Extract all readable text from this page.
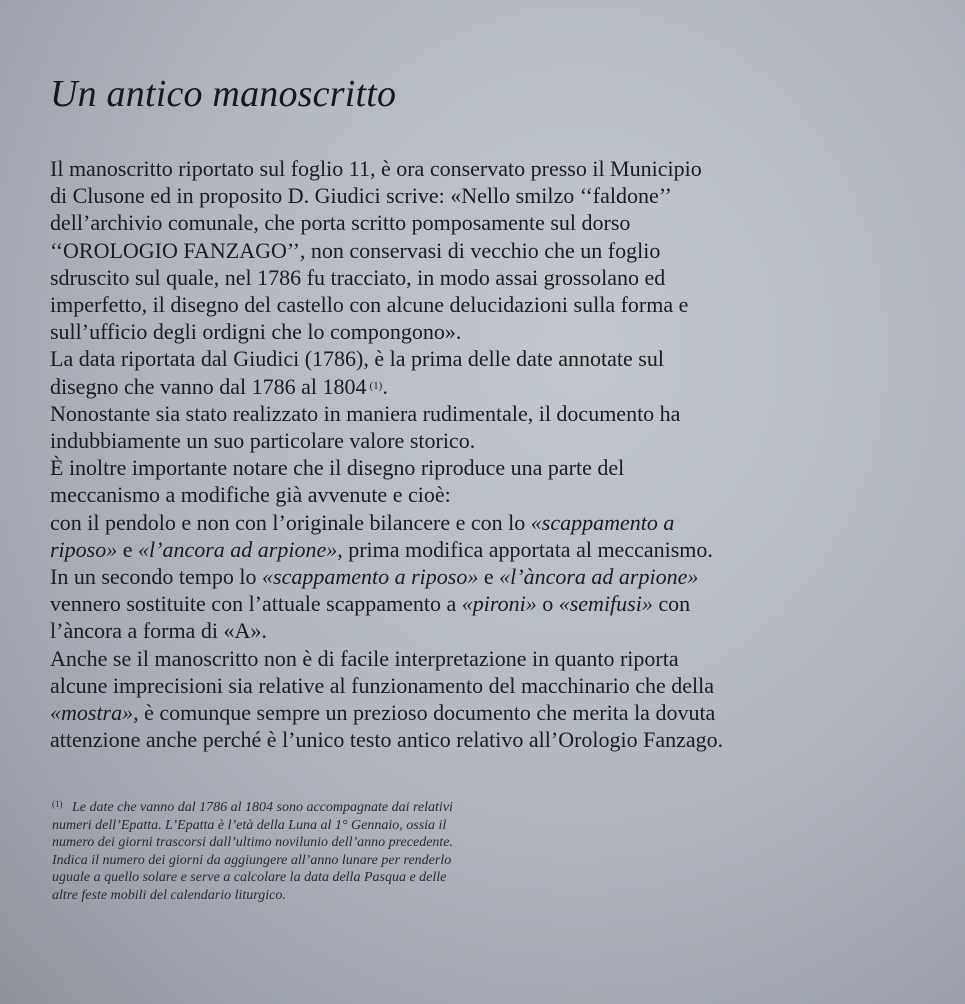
Un antico manoscritto
Il manoscritto riportato sul foglio 11, è ora conservato presso il Municipio
di Clusone ed in proposito D. Giudici scrive: «Nello smilzo ‘‘faldone’’
dell’archivio comunale, che porta scritto pomposamente sul dorso
‘‘OROLOGIO FANZAGO’’, non conservasi di vecchio che un foglio
sdruscito sul quale, nel 1786 fu tracciato, in modo assai grossolano ed
imperfetto, il disegno del castello con alcune delucidazioni sulla forma e
sull’ufficio degli ordigni che lo compongono».
La data riportata dal Giudici (1786), è la prima delle date annotate sul
disegno che vanno dal 1786 al 1804 $^{(1)}$.
Nonostante sia stato realizzato in maniera rudimentale, il documento ha
indubbiamente un suo particolare valore storico.
È inoltre importante notare che il disegno riproduce una parte del
meccanismo a modifiche già avvenute e cioè:
con il pendolo e non con l’originale bilancere e con lo «scappamento a
riposo» e «l’ancora ad arpione», prima modifica apportata al meccanismo.
In un secondo tempo lo «scappamento a riposo» e «l’àncora ad arpione»
vennero sostituite con l’attuale scappamento a «pironi» o «semifusi» con
l’àncora a forma di «A».
Anche se il manoscritto non è di facile interpretazione in quanto riporta
alcune imprecisioni sia relative al funzionamento del macchinario che della
«mostra», è comunque sempre un prezioso documento che merita la dovuta
attenzione anche perché è l’unico testo antico relativo all’Orologio Fanzago.
$^{(1)}$ Le date che vanno dal 1786 al 1804 sono accompagnate dai relativi
numeri dell’Epatta. L’Epatta è l’età della Luna al 1° Gennaio, ossia il
numero dei giorni trascorsi dall’ultimo novilunio dell’anno precedente.
Indica il numero dei giorni da aggiungere all’anno lunare per renderlo
uguale a quello solare e serve a calcolare la data della Pasqua e delle
altre feste mobili del calendario liturgico.
